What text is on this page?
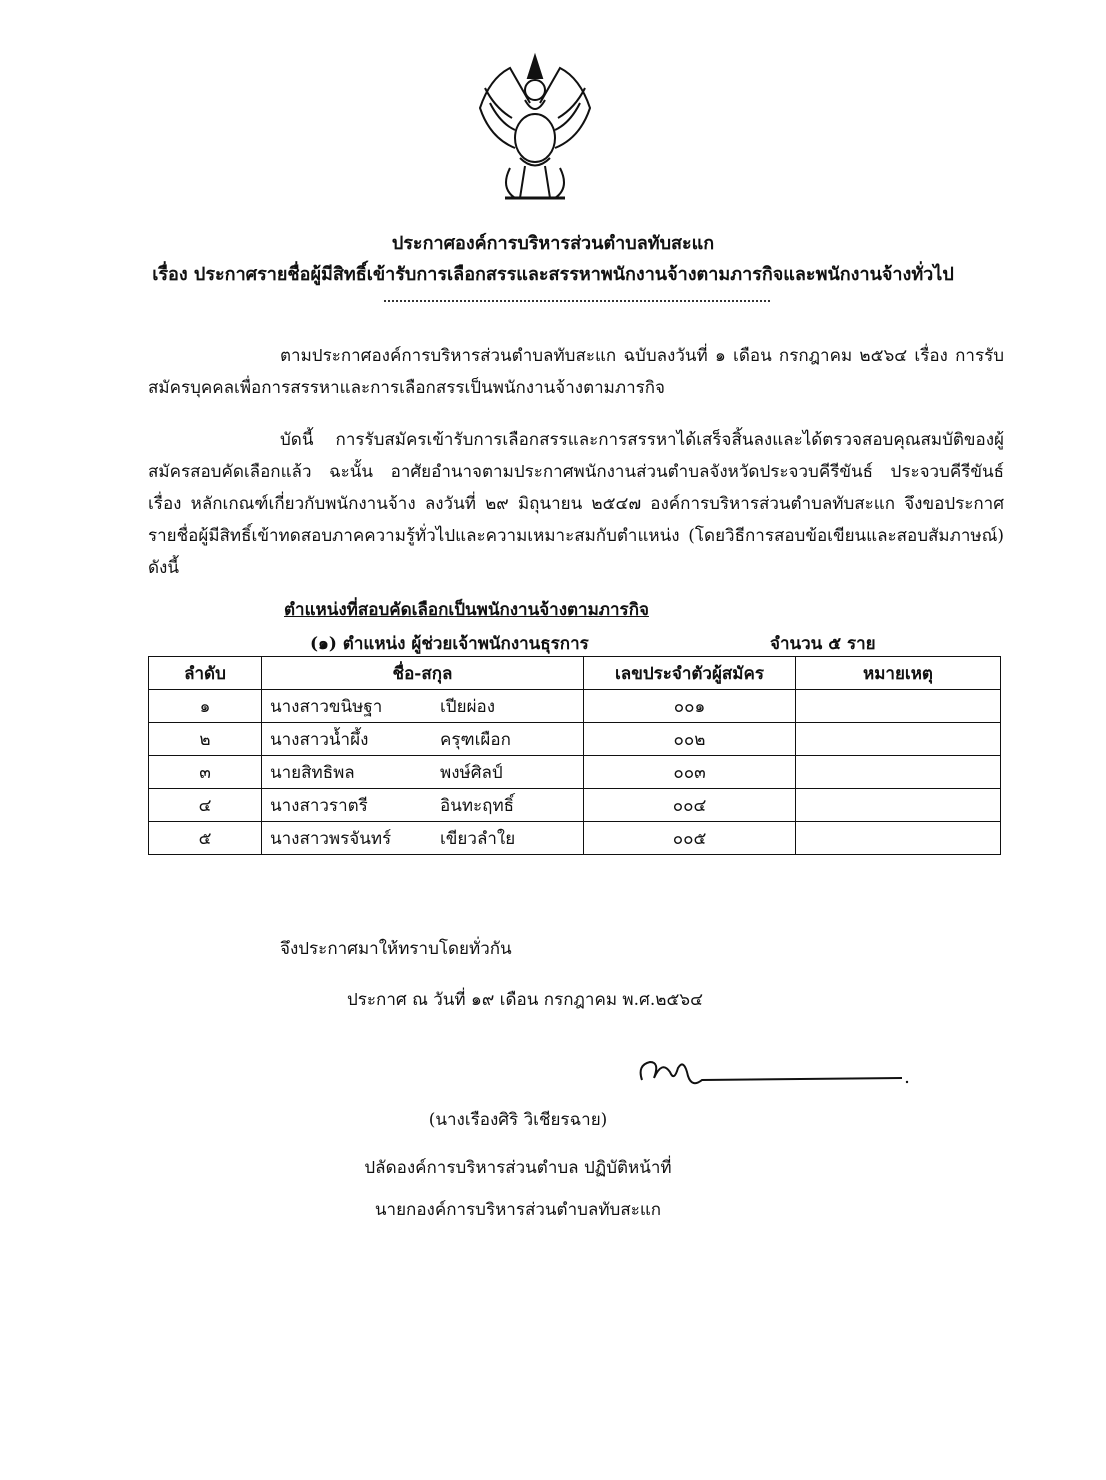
ประกาศองค์การบริหารส่วนตำบลทับสะแก
เรื่อง ประกาศรายชื่อผู้มีสิทธิ์เข้ารับการเลือกสรรและสรรหาพนักงานจ้างตามภารกิจและพนักงานจ้างทั่วไป
ตามประกาศองค์การบริหารส่วนตำบลทับสะแก ฉบับลงวันที่ ๑ เดือน กรกฎาคม ๒๕๖๔ เรื่อง การรับสมัครบุคคลเพื่อการสรรหาและการเลือกสรรเป็นพนักงานจ้างตามภารกิจ
บัดนี้ การรับสมัครเข้ารับการเลือกสรรและการสรรหาได้เสร็จสิ้นลงและได้ตรวจสอบคุณสมบัติของผู้สมัครสอบคัดเลือกแล้ว ฉะนั้น อาศัยอำนาจตามประกาศพนักงานส่วนตำบลจังหวัดประจวบคีรีขันธ์ ประจวบคีรีขันธ์ เรื่อง หลักเกณฑ์เกี่ยวกับพนักงานจ้าง ลงวันที่ ๒๙ มิถุนายน ๒๕๔๗ องค์การบริหารส่วนตำบลทับสะแก จึงขอประกาศรายชื่อผู้มีสิทธิ์เข้าทดสอบภาคความรู้ทั่วไปและความเหมาะสมกับตำแหน่ง (โดยวิธีการสอบข้อเขียนและสอบสัมภาษณ์) ดังนี้
ตำแหน่งที่สอบคัดเลือกเป็นพนักงานจ้างตามภารกิจ
(๑) ตำแหน่ง ผู้ช่วยเจ้าพนักงานธุรการ	จำนวน ๕ ราย
ลำดับ	ชื่อ-สกุล	เลขประจำตัวผู้สมัคร	หมายเหตุ
๑	นางสาวขนิษฐา เปียผ่อง	๐๐๑	
๒	นางสาวน้ำผึ้ง ครุฑเผือก	๐๐๒	
๓	นายสิทธิพล พงษ์ศิลป์	๐๐๓	
๔	นางสาวราตรี อินทะฤทธิ์	๐๐๔	
๕	นางสาวพรจันทร์ เขียวลำใย	๐๐๕	
จึงประกาศมาให้ทราบโดยทั่วกัน
ประกาศ ณ วันที่ ๑๙ เดือน กรกฎาคม พ.ศ.๒๕๖๔
(นางเรืองศิริ วิเชียรฉาย)
ปลัดองค์การบริหารส่วนตำบล ปฏิบัติหน้าที่
นายกองค์การบริหารส่วนตำบลทับสะแก
